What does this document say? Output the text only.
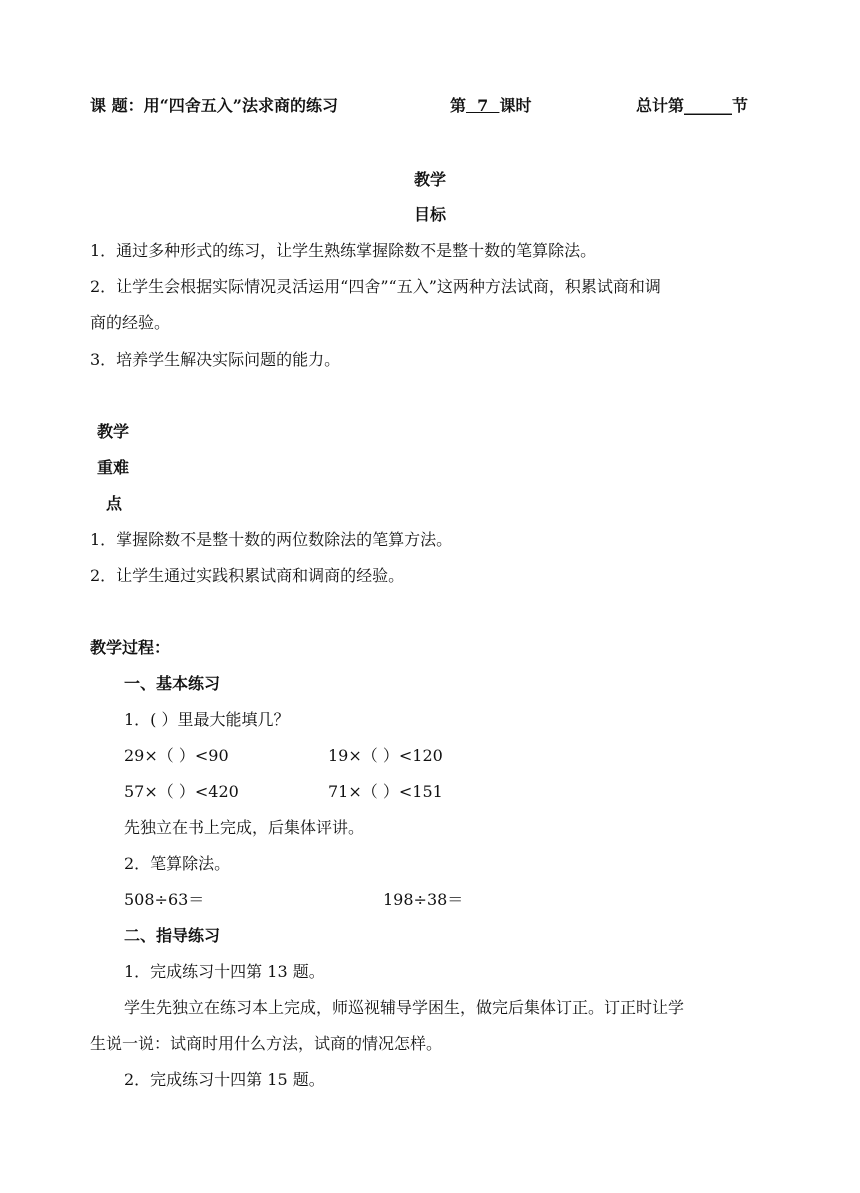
课 题：用“四舍五入”法求商的练习	第  7  课时	总计第______节
教学
目标
1．通过多种形式的练习，让学生熟练掌握除数不是整十数的笔算除法。
2．让学生会根据实际情况灵活运用“四舍”“五入”这两种方法试商，积累试商和调
商的经验。
3．培养学生解决实际问题的能力。
教学
重难
点
1．掌握除数不是整十数的两位数除法的笔算方法。
2．让学生通过实践积累试商和调商的经验。
教学过程：
一、基本练习
1．( ）里最大能填几？
29×（ ）<90	19×（ ）<120
57×（ ）<420	71×（ ）<151
先独立在书上完成，后集体评讲。
2．笔算除法。
508÷63＝	198÷38＝
二、指导练习
1．完成练习十四第 13 题。
学生先独立在练习本上完成，师巡视辅导学困生，做完后集体订正。订正时让学
生说一说：试商时用什么方法，试商的情况怎样。
2．完成练习十四第 15 题。
